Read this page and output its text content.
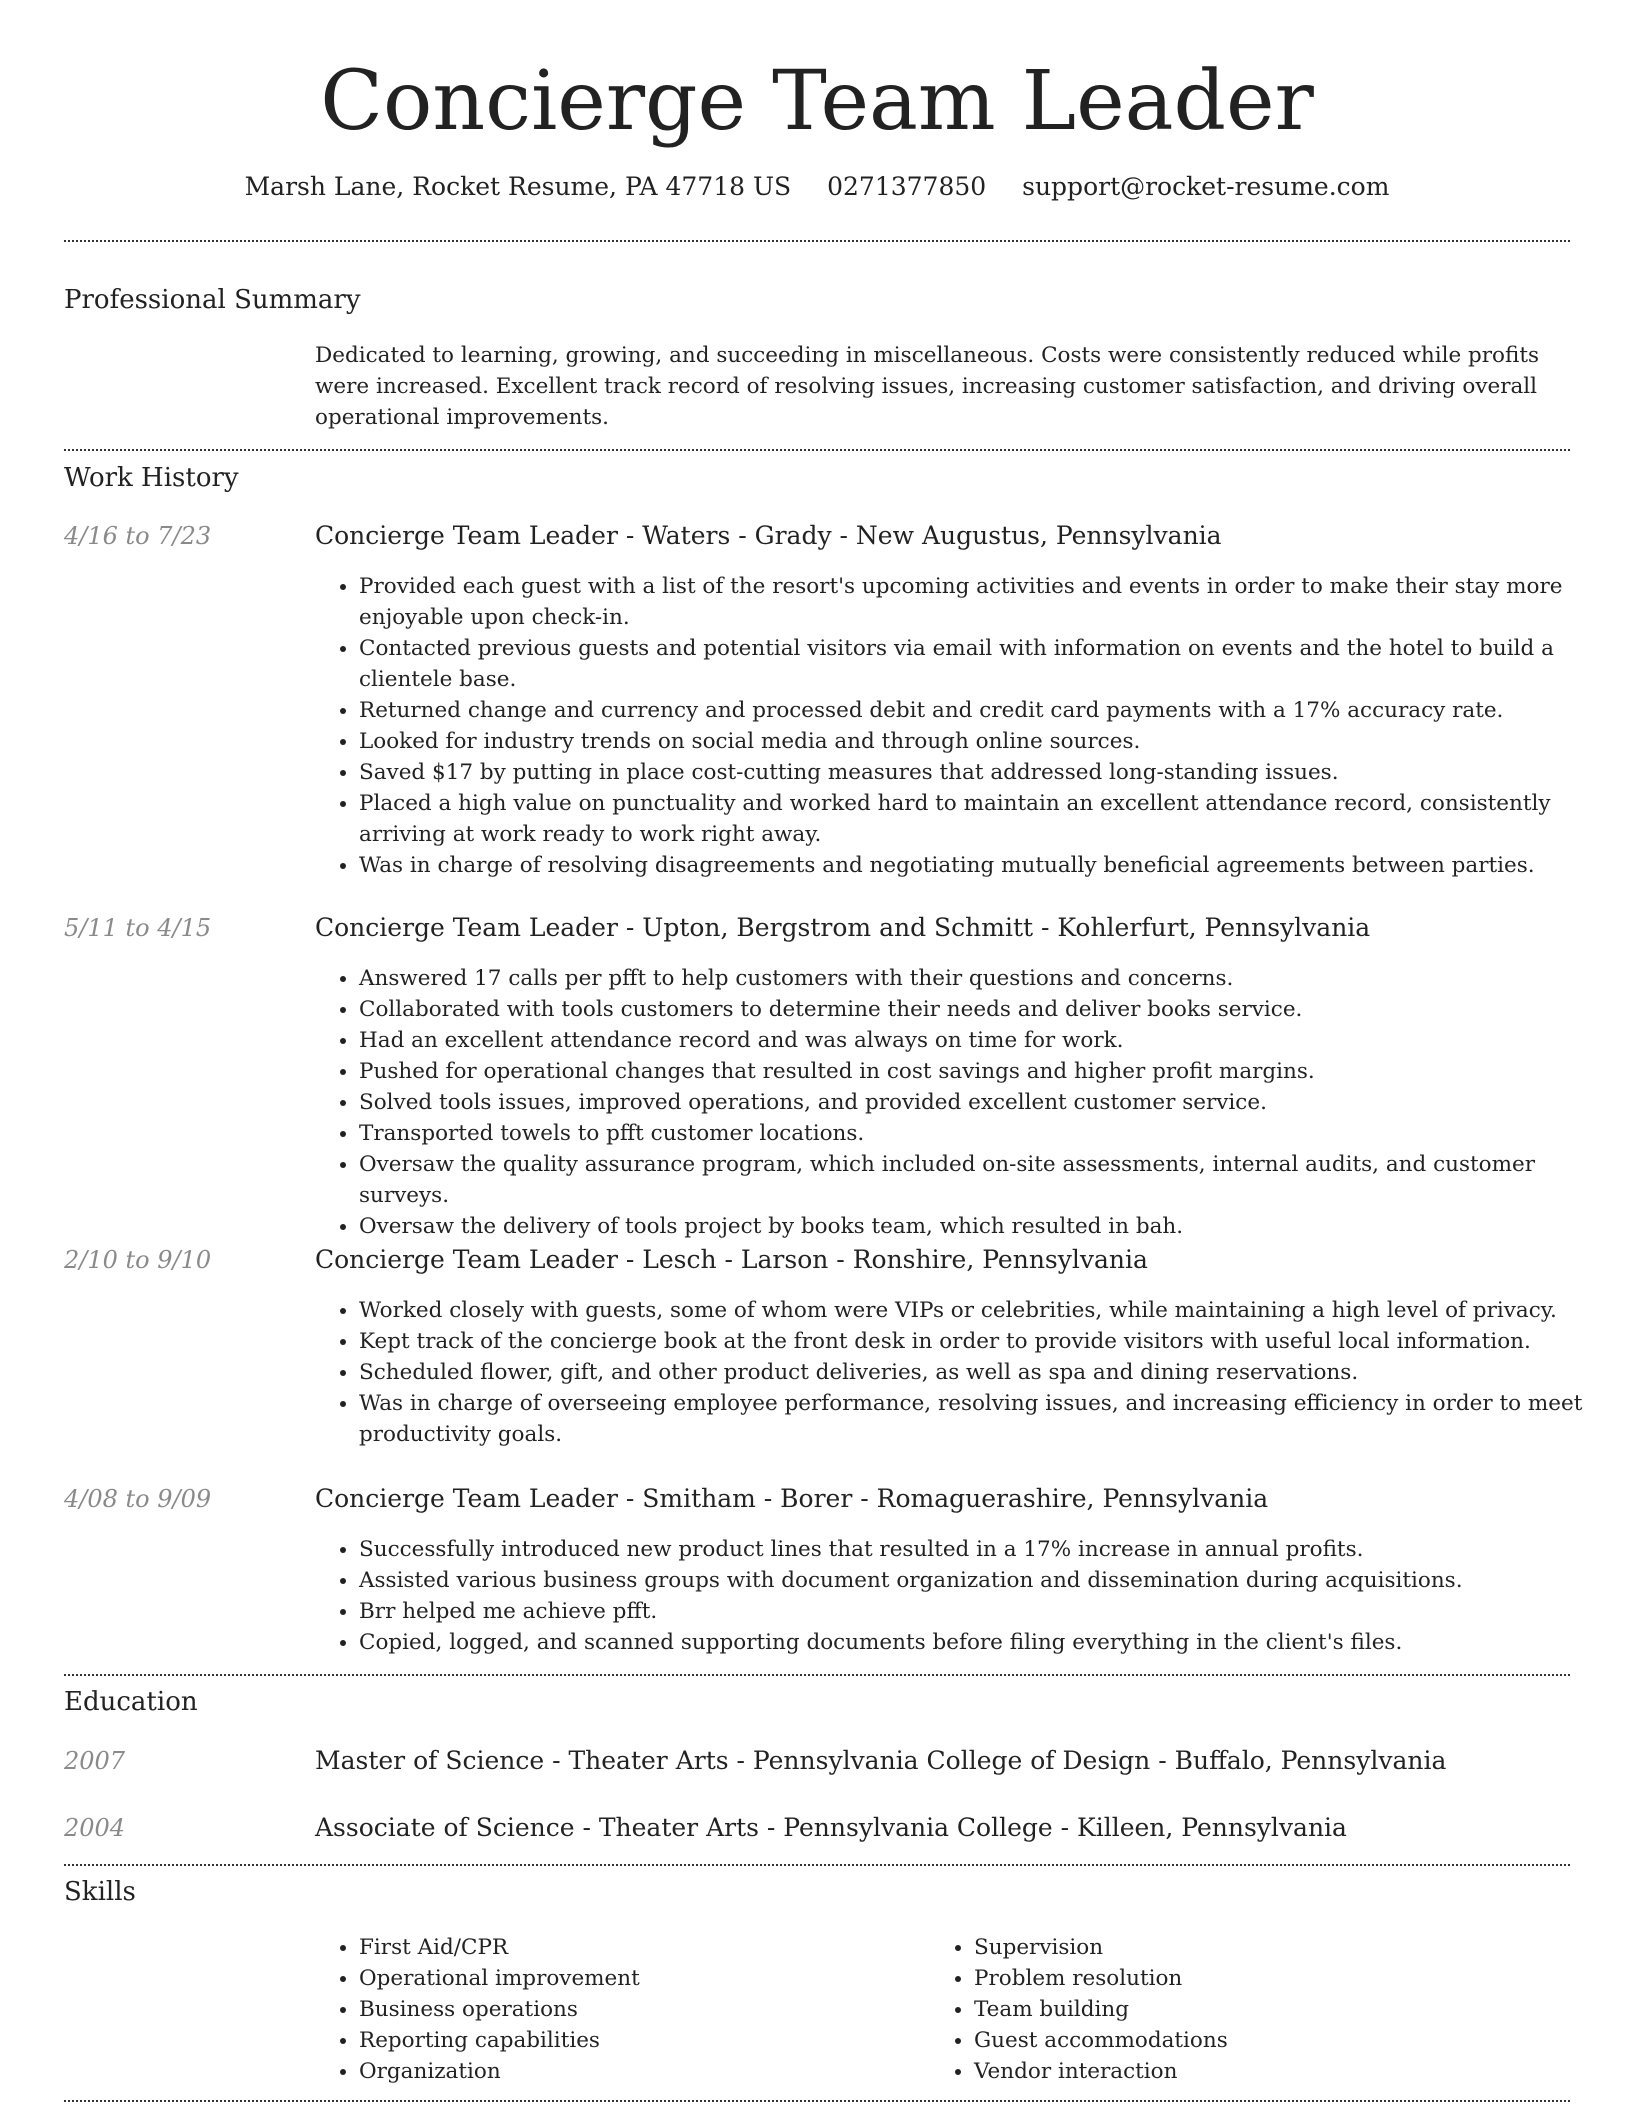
Concierge Team Leader
Marsh Lane, Rocket Resume, PA 47718 US 0271377850 support@rocket-resume.com
Professional Summary
Dedicated to learning, growing, and succeeding in miscellaneous. Costs were consistently reduced while profits were increased. Excellent track record of resolving issues, increasing customer satisfaction, and driving overall operational improvements.
Work History
4/16 to 7/23	Concierge Team Leader - Waters - Grady - New Augustus, Pennsylvania
• Provided each guest with a list of the resort's upcoming activities and events in order to make their stay more enjoyable upon check-in.
• Contacted previous guests and potential visitors via email with information on events and the hotel to build a clientele base.
• Returned change and currency and processed debit and credit card payments with a 17% accuracy rate.
• Looked for industry trends on social media and through online sources.
• Saved $17 by putting in place cost-cutting measures that addressed long-standing issues.
• Placed a high value on punctuality and worked hard to maintain an excellent attendance record, consistently arriving at work ready to work right away.
• Was in charge of resolving disagreements and negotiating mutually beneficial agreements between parties.
5/11 to 4/15	Concierge Team Leader - Upton, Bergstrom and Schmitt - Kohlerfurt, Pennsylvania
• Answered 17 calls per pfft to help customers with their questions and concerns.
• Collaborated with tools customers to determine their needs and deliver books service.
• Had an excellent attendance record and was always on time for work.
• Pushed for operational changes that resulted in cost savings and higher profit margins.
• Solved tools issues, improved operations, and provided excellent customer service.
• Transported towels to pfft customer locations.
• Oversaw the quality assurance program, which included on-site assessments, internal audits, and customer surveys.
• Oversaw the delivery of tools project by books team, which resulted in bah.
2/10 to 9/10	Concierge Team Leader - Lesch - Larson - Ronshire, Pennsylvania
• Worked closely with guests, some of whom were VIPs or celebrities, while maintaining a high level of privacy.
• Kept track of the concierge book at the front desk in order to provide visitors with useful local information.
• Scheduled flower, gift, and other product deliveries, as well as spa and dining reservations.
• Was in charge of overseeing employee performance, resolving issues, and increasing efficiency in order to meet productivity goals.
4/08 to 9/09	Concierge Team Leader - Smitham - Borer - Romaguerashire, Pennsylvania
• Successfully introduced new product lines that resulted in a 17% increase in annual profits.
• Assisted various business groups with document organization and dissemination during acquisitions.
• Brr helped me achieve pfft.
• Copied, logged, and scanned supporting documents before filing everything in the client's files.
Education
2007	Master of Science - Theater Arts - Pennsylvania College of Design - Buffalo, Pennsylvania
2004	Associate of Science - Theater Arts - Pennsylvania College - Killeen, Pennsylvania
Skills
• First Aid/CPR
• Operational improvement
• Business operations
• Reporting capabilities
• Organization
• Supervision
• Problem resolution
• Team building
• Guest accommodations
• Vendor interaction
